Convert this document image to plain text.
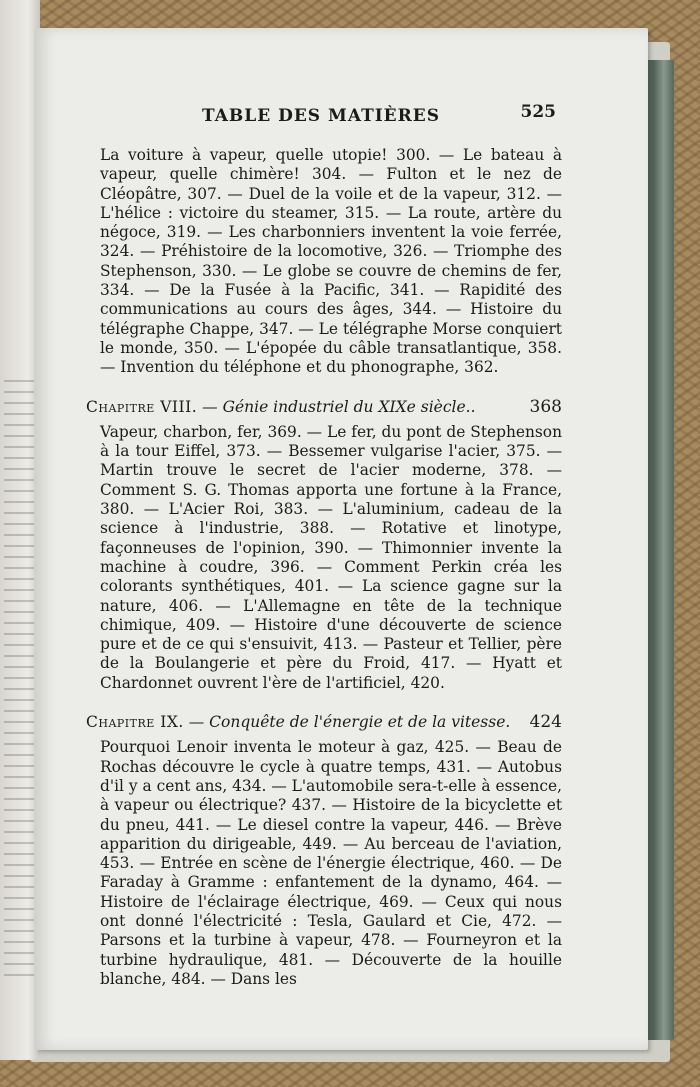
TABLE DES MATIÈRES	525

La voiture à vapeur, quelle utopie! 300. — Le bateau à vapeur, quelle chimère! 304. — Fulton et le nez de Cléopâtre, 307. — Duel de la voile et de la vapeur, 312. — L'hélice : victoire du steamer, 315. — La route, artère du négoce, 319. — Les charbonniers inventent la voie ferrée, 324. — Préhistoire de la locomotive, 326. — Triomphe des Stephenson, 330. — Le globe se couvre de chemins de fer, 334. — De la Fusée à la Pacific, 341. — Rapidité des communications au cours des âges, 344. — Histoire du télégraphe Chappe, 347. — Le télégraphe Morse conquiert le monde, 350. — L'épopée du câble transatlantique, 358. — Invention du téléphone et du phonographe, 362.

Chapitre VIII. — Génie industriel du XIXe siècle..	368

Vapeur, charbon, fer, 369. — Le fer, du pont de Stephenson à la tour Eiffel, 373. — Bessemer vulgarise l'acier, 375. — Martin trouve le secret de l'acier moderne, 378. — Comment S. G. Thomas apporta une fortune à la France, 380. — L'Acier Roi, 383. — L'aluminium, cadeau de la science à l'industrie, 388. — Rotative et linotype, façonneuses de l'opinion, 390. — Thimonnier invente la machine à coudre, 396. — Comment Perkin créa les colorants synthétiques, 401. — La science gagne sur la nature, 406. — L'Allemagne en tête de la technique chimique, 409. — Histoire d'une découverte de science pure et de ce qui s'ensuivit, 413. — Pasteur et Tellier, père de la Boulangerie et père du Froid, 417. — Hyatt et Chardonnet ouvrent l'ère de l'artificiel, 420.

Chapitre IX. — Conquête de l'énergie et de la vitesse. 424

Pourquoi Lenoir inventa le moteur à gaz, 425. — Beau de Rochas découvre le cycle à quatre temps, 431. — Autobus d'il y a cent ans, 434. — L'automobile sera-t-elle à essence, à vapeur ou électrique? 437. — Histoire de la bicyclette et du pneu, 441. — Le diesel contre la vapeur, 446. — Brève apparition du dirigeable, 449. — Au berceau de l'aviation, 453. — Entrée en scène de l'énergie électrique, 460. — De Faraday à Gramme : enfantement de la dynamo, 464. — Histoire de l'éclairage électrique, 469. — Ceux qui nous ont donné l'électricité : Tesla, Gaulard et Cie, 472. — Parsons et la turbine à vapeur, 478. — Fourneyron et la turbine hydraulique, 481. — Découverte de la houille blanche, 484. — Dans les
